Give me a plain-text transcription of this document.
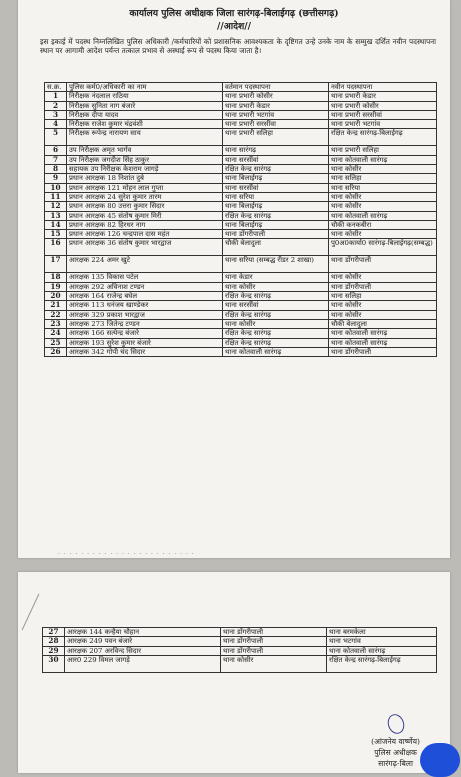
कार्यालय पुलिस अधीक्षक जिला सारंगढ़-बिलाईगढ़ (छत्तीसगढ़)
//आदेश//
इस इकाई में पदस्थ निम्नलिखित पुलिस अधिकारी /कर्मचारियों को प्रशासनिक आवश्यकता के दृष्टिगत उन्हे उनके नाम के सम्मुख दर्शित नवीन पदस्थापना स्थान पर आगामी आदेश पर्यन्त तत्काल प्रभाव से अस्थाई रूप से पदस्थ किया जाता है।
स.क्र.	पुलिस कर्म0/अधिकारी का नाम	वर्तमान पदस्थापना	नवीन पदस्थापना
1	निरीक्षक नंदलाल राठिया	थाना प्रभारी कोसीर	थाना प्रभारी केडार
2	निरीक्षक सुनिता नाग बंजारे	थाना प्रभारी केडार	थाना प्रभारी कोसीर
3	निरीक्षक दीपा यादव	थाना प्रभारी भटगांव	थाना प्रभारी सरसीवां
4	निरीक्षक राजेश कुमार चंद्रवंशी	थाना प्रभारी सरसींवा	थाना प्रभारी भटगांव
5	निरीक्षक रूपेन्द्र नारायण साय	थाना प्रभारी सलिहा	रक्षित केन्द्र सारंगढ़-बिलाईगढ़
6	उप निरीक्षक अमृत भार्गव	थाना सारंगढ़	थाना प्रभारी सलिहा
7	उप निरीक्षक जगदीश सिंह ठाकुर	थाना सरसींवां	थाना कोतवाली सारंगढ़
8	सहायक उप निरीक्षक केशराम जागड़े	रक्षित केन्द्र सारंगढ़	थाना कोसीर
9	प्रधान आरक्षक 18 निशांत दुबे	थाना बिलाईगढ़	थाना सलिहा
10	प्रधान आरक्षक 121 मोहन लाल गुप्ता	थाना सरसींवां	थाना सरिया
11	प्रधान आरक्षक 24 सुरेश कुमार तारम	थाना सरिया	थाना कोसीर
12	प्रधान आरक्षक 80 उत्तरा कुमार सिदार	थाना बिलाईगढ़	थाना कोसीर
13	प्रधान आरक्षक 45 संतोष कुमार मिरी	रक्षित केन्द्र सारंगढ़	थाना कोतवाली सारंगढ़
14	प्रधान आरक्षक 82 हिरधर नाग	थाना बिलाईगढ़	चौकी कनकबीरा
15	प्रधान आरक्षक 126 चन्द्रपाल दास महंत	थाना डोंगरीपाली	थाना कोसीर
16	प्रधान आरक्षक 36 संतोष कुमार भारद्वाज	चौकी बेलादुला	पु0अ0कार्या0 सारंगढ़-बिलाईगढ़(सम्बद्ध)
17	आरक्षक 224 अमर खुटे	थाना सरिया (सम्बद्ध रीडर 2 शाखा)	थाना डोंगरीपाली
18	आरक्षक 135 विकास पटेल	थाना केडार	थाना कोसीर
19	आरक्षक 292 अविनाश टण्डन	थाना कोसीर	थाना डोंगरीपाली
20	आरक्षक 164 राजेन्द्र बघेल	रक्षित केन्द्र सारंगढ़	थाना सलिहा
21	आरक्षक 113 धनंजय खाण्डेकर	थाना सरसींवां	थाना कोसीर
22	आरक्षक 329 प्रकाश भारद्वाज	रक्षित केन्द्र सारंगढ़	थाना कोसीर
23	आरक्षक 273 जितेन्द्र टण्डन	थाना कोसीर	चौकी बेलादुला
24	आरक्षक 166 सत्येन्द्र बंजारे	रक्षित केन्द्र सारंगढ़	थाना कोतवाली सारंगढ़
25	आरक्षक 193 सुरेश कुमार बंजारे	रक्षित केन्द्र सारंगढ़	थाना कोतवाली सारंगढ़
26	आरक्षक 342 गोपी चंद सिदार	थाना कोतवाली सारंगढ़	थाना डोंगरीपाली
· · · · · · · · · · · · · · · · · · · · · · · ·
27	आरक्षक 144 कन्हैया चौहान	थाना डोंगरीपाली	थाना बरमकेला
28	आरक्षक 249 पवन बंजारे	थाना डोंगरीपाली	थाना भटगांव
29	आरक्षक 207 अरविन्द सिदार	थाना डोंगरीपाली	थाना कोतवाली सारंगढ़
30	आर0 229 विमल जागड़े	थाना कोसीर	रक्षित केन्द्र सारंगढ़-बिलाईगढ़
(आंजनेय वार्ष्णेय)
पुलिस अधीक्षक
सारंगढ़-बिला
